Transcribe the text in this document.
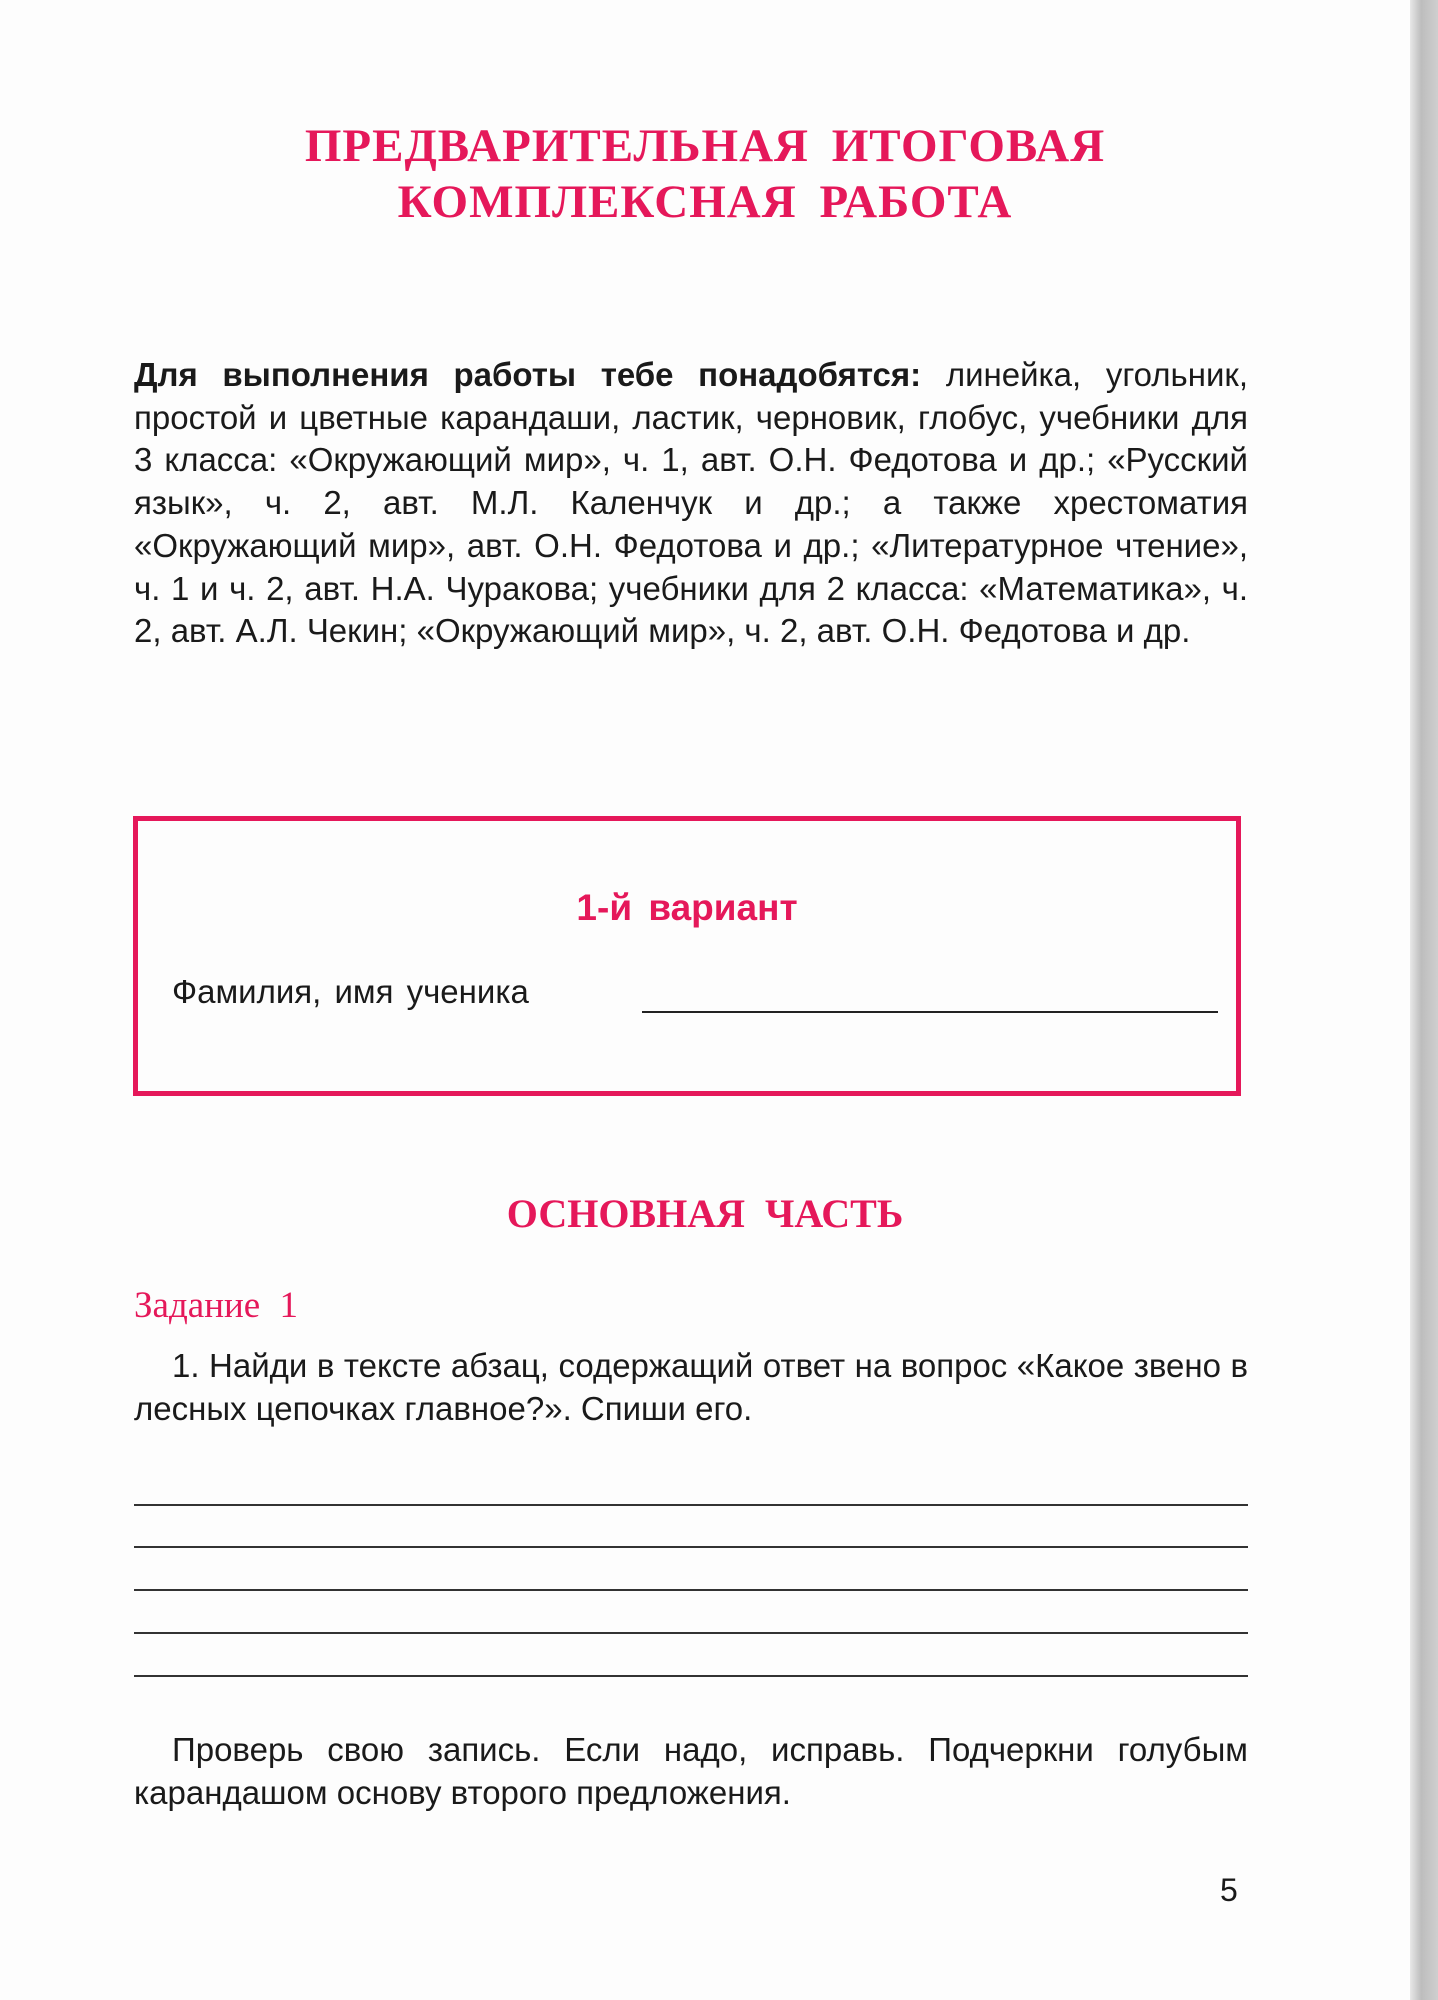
ПРЕДВАРИТЕЛЬНАЯ ИТОГОВАЯ
КОМПЛЕКСНАЯ РАБОТА
Для выполнения работы тебе понадобятся: линейка, угольник, простой и цветные карандаши, ластик, черновик, глобус, учебники для 3 класса: «Окружающий мир», ч. 1, авт. О.Н. Федотова и др.; «Русский язык», ч. 2, авт. М.Л. Каленчук и др.; а также хрестоматия «Окружающий мир», авт. О.Н. Федотова и др.; «Литературное чтение», ч. 1 и ч. 2, авт. Н.А. Чуракова; учебники для 2 класса: «Математика», ч. 2, авт. А.Л. Чекин; «Окружающий мир», ч. 2, авт. О.Н. Федотова и др.
1-й вариант
Фамилия, имя ученика
ОСНОВНАЯ ЧАСТЬ
Задание 1
1. Найди в тексте абзац, содержащий ответ на вопрос «Какое звено в лесных цепочках главное?». Спиши его.
Проверь свою запись. Если надо, исправь. Подчеркни голубым карандашом основу второго предложения.
5
